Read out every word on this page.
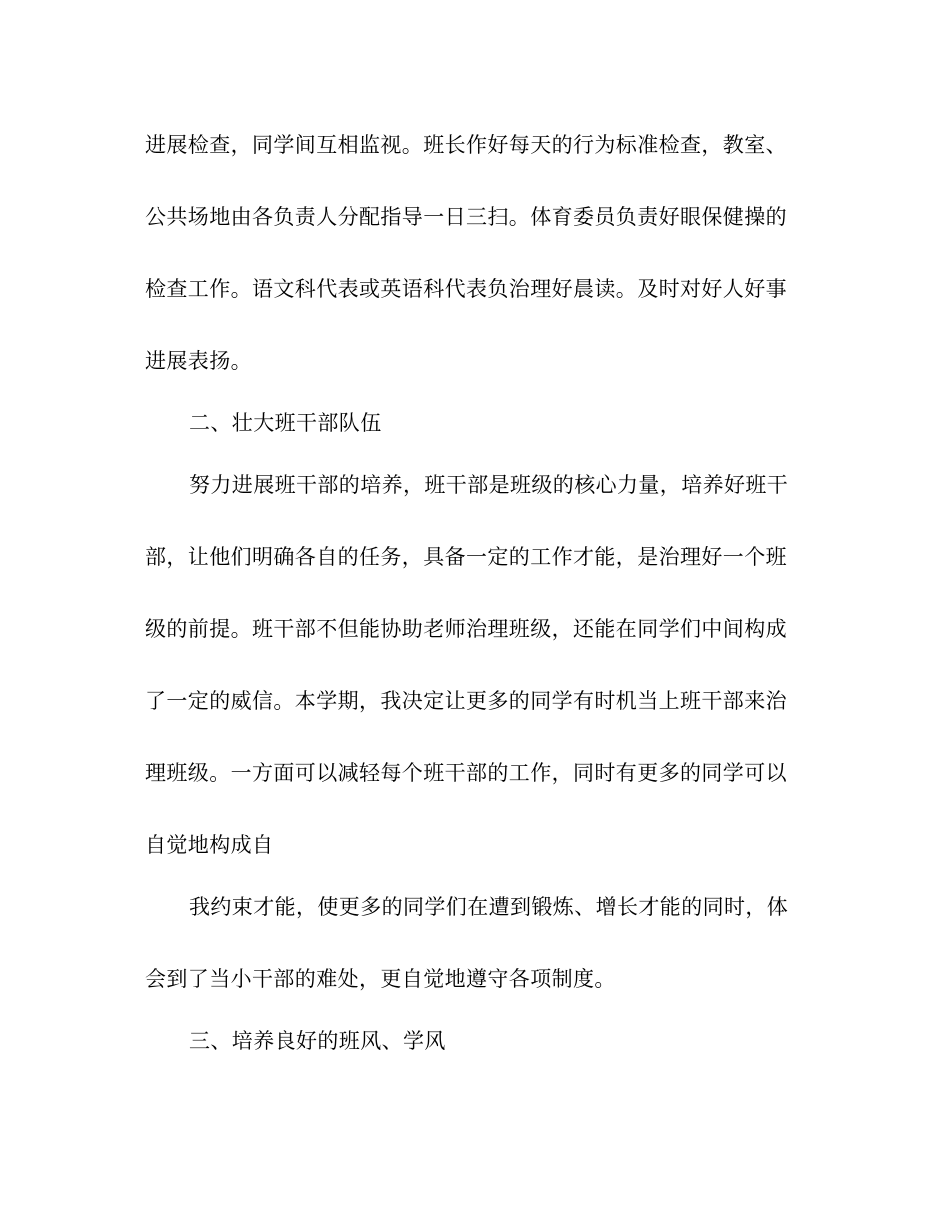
进展检查，同学间互相监视。班长作好每天的行为标准检查，教室、
公共场地由各负责人分配指导一日三扫。体育委员负责好眼保健操的
检查工作。语文科代表或英语科代表负治理好晨读。及时对好人好事
进展表扬。
二、壮大班干部队伍
努力进展班干部的培养，班干部是班级的核心力量，培养好班干
部，让他们明确各自的任务，具备一定的工作才能，是治理好一个班
级的前提。班干部不但能协助老师治理班级，还能在同学们中间构成
了一定的威信。本学期，我决定让更多的同学有时机当上班干部来治
理班级。一方面可以减轻每个班干部的工作，同时有更多的同学可以
自觉地构成自
我约束才能，使更多的同学们在遭到锻炼、增长才能的同时，体
会到了当小干部的难处，更自觉地遵守各项制度。
三、培养良好的班风、学风
